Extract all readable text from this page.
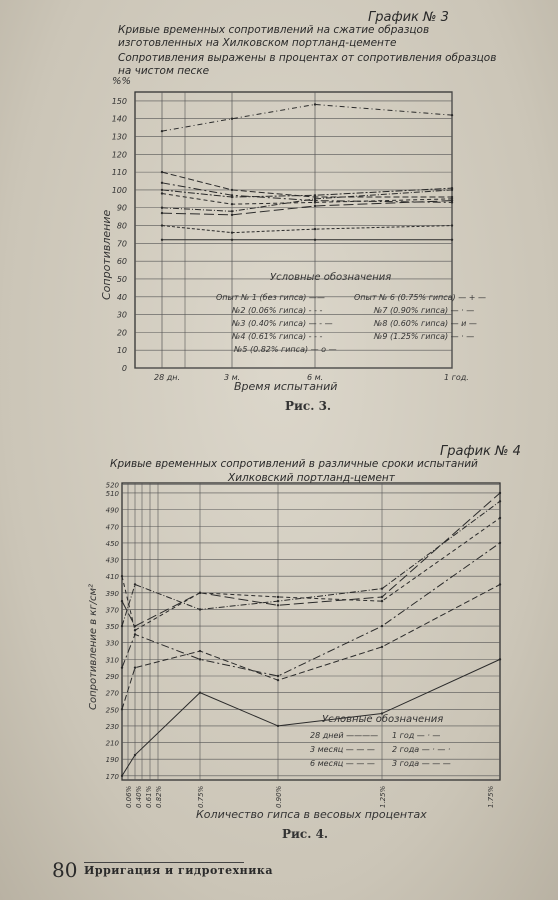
График № 3
Кривые временных сопротивлений на сжатие образцов изготовленных на Хилковском портланд-цементе
Сопротивления выражены в процентах от сопротивления образцов на чистом песке
%%
0
10
20
30
40
50
60
70
80
90
100
110
120
130
140
150
28 дн.	3 м.	6 м.	1 год.
Сопротивление
Время испытаний
Условные обозначения
Опыт № 1 (без гипса) ——
№2 (0.06% гипса) - - -
№3 (0.40% гипса) — - —
№4 (0.61% гипса) - - -
№5 (0.82% гипса) — о —
Опыт № 6 (0.75% гипса) — + —
№7 (0.90% гипса) — · —
№8 (0.60% гипса) — и —
№9 (1.25% гипса) — · —
Рис. 3.
График № 4
Кривые временных сопротивлений в различные сроки испытаний
Хилковский портланд-цемент
170
190
210
230
250
270
290
310
330
350
370
390
410
430
450
470
490
510
520
0.06% 0.40% 0.61% 0.82%	0.75%	0.90%	1.25%	1.75%
Сопротивление в кг/см²
Количество гипса в весовых процентах
Условные обозначения
28 дней ————
3 месяц — — —
6 месяц — — —
1 год — · —
2 года — · — ·
3 года — — —
Рис. 4.
80 Ирригация и гидротехника
